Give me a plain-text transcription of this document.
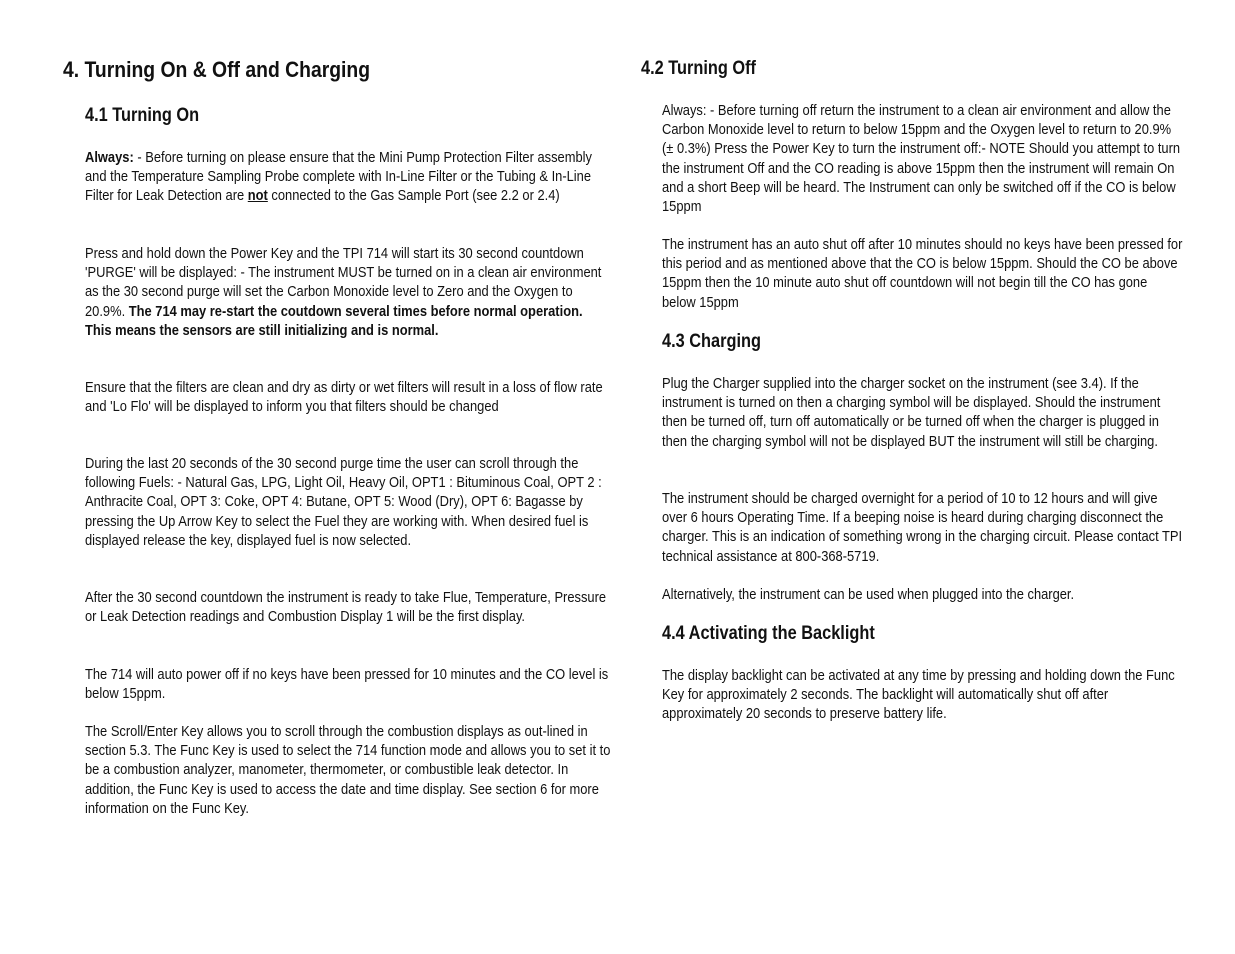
4. Turning On & Off and Charging
4.1 Turning On

Always: - Before turning on please ensure that the Mini Pump Protection Filter assembly and the Temperature Sampling Probe complete with In-Line Filter or the Tubing & In-Line Filter for Leak Detection are not connected to the Gas Sample Port (see 2.2 or 2.4)

Press and hold down the Power Key and the TPI 714 will start its 30 second countdown 'PURGE' will be displayed: - The instrument MUST be turned on in a clean air environment as the 30 second purge will set the Carbon Monoxide level to Zero and the Oxygen to 20.9%. The 714 may re-start the coutdown several times before normal operation. This means the sensors are still initializing and is normal.

Ensure that the filters are clean and dry as dirty or wet filters will result in a loss of flow rate and 'Lo Flo' will be displayed to inform you that filters should be changed

During the last 20 seconds of the 30 second purge time the user can scroll through the following Fuels: - Natural Gas, LPG, Light Oil, Heavy Oil, OPT1 : Bituminous Coal, OPT 2 : Anthracite Coal, OPT 3: Coke, OPT 4: Butane, OPT 5: Wood (Dry), OPT 6: Bagasse by pressing the Up Arrow Key to select the Fuel they are working with. When desired fuel is displayed release the key, displayed fuel is now selected.

After the 30 second countdown the instrument is ready to take Flue, Temperature, Pressure or Leak Detection readings and Combustion Display 1 will be the first display.

The 714 will auto power off if no keys have been pressed for 10 minutes and the CO level is below 15ppm.

The Scroll/Enter Key allows you to scroll through the combustion displays as out-lined in section 5.3. The Func Key is used to select the 714 function mode and allows you to set it to be a combustion analyzer, manometer, thermometer, or combustible leak detector. In addition, the Func Key is used to access the date and time display. See section 6 for more information on the Func Key.

4.2 Turning Off

Always: - Before turning off return the instrument to a clean air environment and allow the Carbon Monoxide level to return to below 15ppm and the Oxygen level to return to 20.9% (± 0.3%) Press the Power Key to turn the instrument off:- NOTE Should you attempt to turn the instrument Off and the CO reading is above 15ppm then the instrument will remain On and a short Beep will be heard. The Instrument can only be switched off if the CO is below 15ppm

The instrument has an auto shut off after 10 minutes should no keys have been pressed for this period and as mentioned above that the CO is below 15ppm. Should the CO be above 15ppm then the 10 minute auto shut off countdown will not begin till the CO has gone below 15ppm

4.3 Charging

Plug the Charger supplied into the charger socket on the instrument (see 3.4). If the instrument is turned on then a charging symbol will be displayed. Should the instrument then be turned off, turn off automatically or be turned off when the charger is plugged in then the charging symbol will not be displayed BUT the instrument will still be charging.

The instrument should be charged overnight for a period of 10 to 12 hours and will give over 6 hours Operating Time. If a beeping noise is heard during charging disconnect the charger. This is an indication of something wrong in the charging circuit. Please contact TPI technical assistance at 800-368-5719.

Alternatively, the instrument can be used when plugged into the charger.

4.4 Activating the Backlight

The display backlight can be activated at any time by pressing and holding down the Func Key for approximately 2 seconds. The backlight will automatically shut off after approximately 20 seconds to preserve battery life.
